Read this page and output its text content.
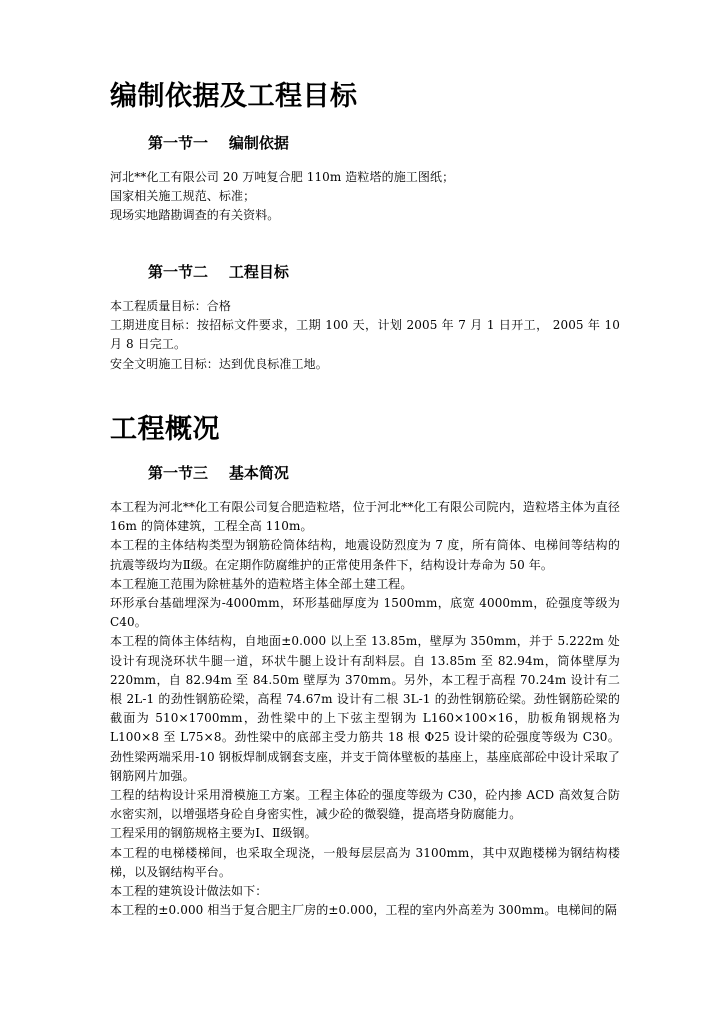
编制依据及工程目标
第一节一    编制依据

河北**化工有限公司 20 万吨复合肥 110m 造粒塔的施工图纸；

国家相关施工规范、标准；

现场实地踏勘调查的有关资料。

第一节二    工程目标

本工程质量目标：合格

工期进度目标：按招标文件要求，工期 100 天，计划 2005 年 7 月 1 日开工， 2005 年 10 月 8 日完工。

安全文明施工目标：达到优良标准工地。

工程概况
第一节三    基本简况

本工程为河北**化工有限公司复合肥造粒塔，位于河北**化工有限公司院内，造粒塔主体为直径 16m 的筒体建筑，工程全高 110m。

本工程的主体结构类型为钢筋砼筒体结构，地震设防烈度为 7 度，所有筒体、电梯间等结构的抗震等级均为Ⅱ级。在定期作防腐维护的正常使用条件下，结构设计寿命为 50 年。

本工程施工范围为除桩基外的造粒塔主体全部土建工程。

环形承台基础埋深为-4000mm，环形基础厚度为 1500mm，底宽 4000mm，砼强度等级为 C40。

本工程的筒体主体结构，自地面±0.000 以上至 13.85m，壁厚为 350mm，并于 5.222m 处设计有现浇环状牛腿一道，环状牛腿上设计有刮料层。自 13.85m 至 82.94m，筒体壁厚为 220mm，自 82.94m 至 84.50m 壁厚为 370mm。另外，本工程于高程 70.24m 设计有二根 2L-1 的劲性钢筋砼梁，高程 74.67m 设计有二根 3L-1 的劲性钢筋砼梁。劲性钢筋砼梁的截面为 510×1700mm，劲性梁中的上下弦主型钢为 L160×100×16，肋板角钢规格为 L100×8 至 L75×8。劲性梁中的底部主受力筋共 18 根 Φ25 设计梁的砼强度等级为 C30。劲性梁两端采用-10 钢板焊制成钢套支座，并支于筒体壁板的基座上，基座底部砼中设计采取了钢筋网片加强。

工程的结构设计采用滑模施工方案。工程主体砼的强度等级为 C30，砼内掺 ACD 高效复合防水密实剂，以增强塔身砼自身密实性，减少砼的微裂缝，提高塔身防腐能力。

工程采用的钢筋规格主要为Ⅰ、Ⅱ级钢。

本工程的电梯楼梯间，也采取全现浇，一般每层层高为 3100mm，其中双跑楼梯为钢结构楼梯，以及钢结构平台。

本工程的建筑设计做法如下：

本工程的±0.000 相当于复合肥主厂房的±0.000，工程的室内外高差为 300mm。电梯间的隔
